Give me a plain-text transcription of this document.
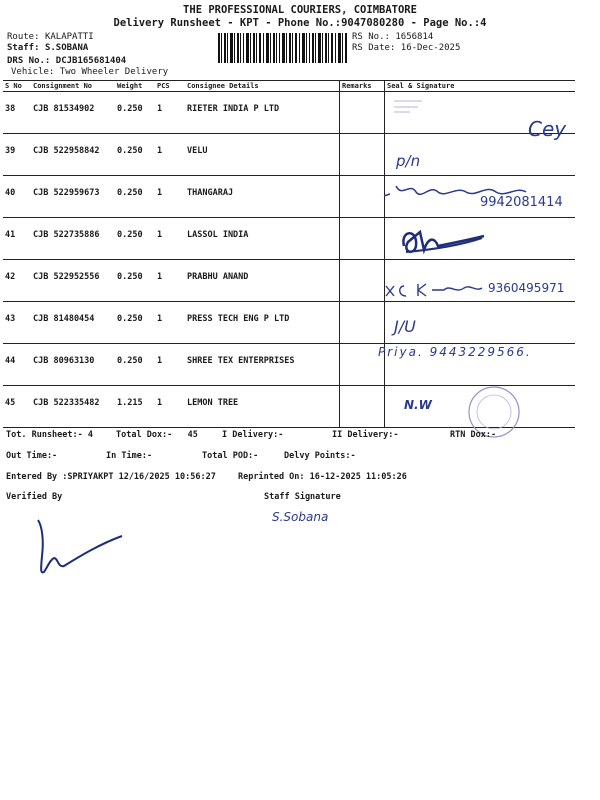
THE PROFESSIONAL COURIERS, COIMBATORE
Delivery Runsheet - KPT - Phone No.:9047080280 - Page No.:4
Route: KALAPATTI
Staff: S.SOBANA
DRS No.: DCJB165681404
Vehicle: Two Wheeler Delivery
RS No.: 1656814
RS Date: 16-Dec-2025
S No	Consignment No	Weight	PCS	Consignee Details	Remarks	Seal & Signature
38	CJB 81534902	0.250	1	RIETER INDIA P LTD		
39	CJB 522958842	0.250	1	VELU		
40	CJB 522959673	0.250	1	THANGARAJ		
41	CJB 522735886	0.250	1	LASSOL INDIA		
42	CJB 522952556	0.250	1	PRABHU ANAND		
43	CJB 81480454	0.250	1	PRESS TECH ENG P LTD		
44	CJB 80963130	0.250	1	SHREE TEX ENTERPRISES		
45	CJB 522335482	1.215	1	LEMON TREE		
Cey
p/n
9942081414
9360495971
J/U
Priya. 9443229566.
N.W
Tot. Runsheet:- 4	Total Dox:- 45	I Delivery:-	II Delivery:-	RTN Dox:-
Out Time:-	In Time:-	Total POD:-	Delvy Points:-
Entered By :SPRIYAKPT 12/16/2025 10:56:27	Reprinted On: 16-12-2025 11:05:26
Verified By	Staff Signature
S.Sobana
